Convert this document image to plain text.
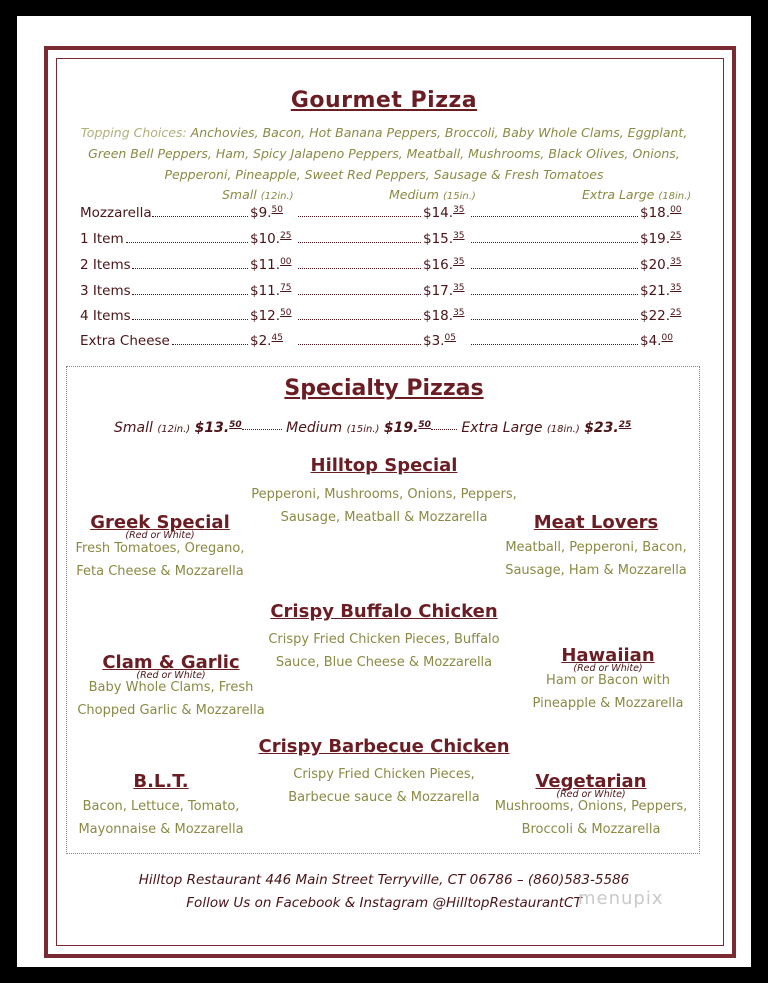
Gourmet Pizza
Topping Choices: Anchovies, Bacon, Hot Banana Peppers, Broccoli, Baby Whole Clams, Eggplant,
Green Bell Peppers, Ham, Spicy Jalapeno Peppers, Meatball, Mushrooms, Black Olives, Onions,
Pepperoni, Pineapple, Sweet Red Peppers, Sausage & Fresh Tomatoes
Small (12in.)	Medium (15in.)	Extra Large (18in.)
Mozzarella	$9.50	$14.35	$18.00
1 Item	$10.25	$15.35	$19.25
2 Items	$11.00	$16.35	$20.35
3 Items	$11.75	$17.35	$21.35
4 Items	$12.50	$18.35	$22.25
Extra Cheese	$2.45	$3.05	$4.00
Specialty Pizzas
Small (12in.) $13.50	Medium (15in.) $19.50 Extra Large (18in.) $23.25
Hilltop Special
Pepperoni, Mushrooms, Onions, Peppers,
Sausage, Meatball & Mozzarella
Greek Special
(Red or White)
Fresh Tomatoes, Oregano,
Feta Cheese & Mozzarella
Meat Lovers
Meatball, Pepperoni, Bacon,
Sausage, Ham & Mozzarella
Crispy Buffalo Chicken
Crispy Fried Chicken Pieces, Buffalo
Sauce, Blue Cheese & Mozzarella
Clam & Garlic
(Red or White)
Baby Whole Clams, Fresh
Chopped Garlic & Mozzarella
Hawaiian
(Red or White)
Ham or Bacon with
Pineapple & Mozzarella
Crispy Barbecue Chicken
Crispy Fried Chicken Pieces,
Barbecue sauce & Mozzarella
B.L.T.
Bacon, Lettuce, Tomato,
Mayonnaise & Mozzarella
Vegetarian
(Red or White)
Mushrooms, Onions, Peppers,
Broccoli & Mozzarella
Hilltop Restaurant 446 Main Street Terryville, CT 06786 – (860)583-5586
Follow Us on Facebook & Instagram @HilltopRestaurantCT
menupix
